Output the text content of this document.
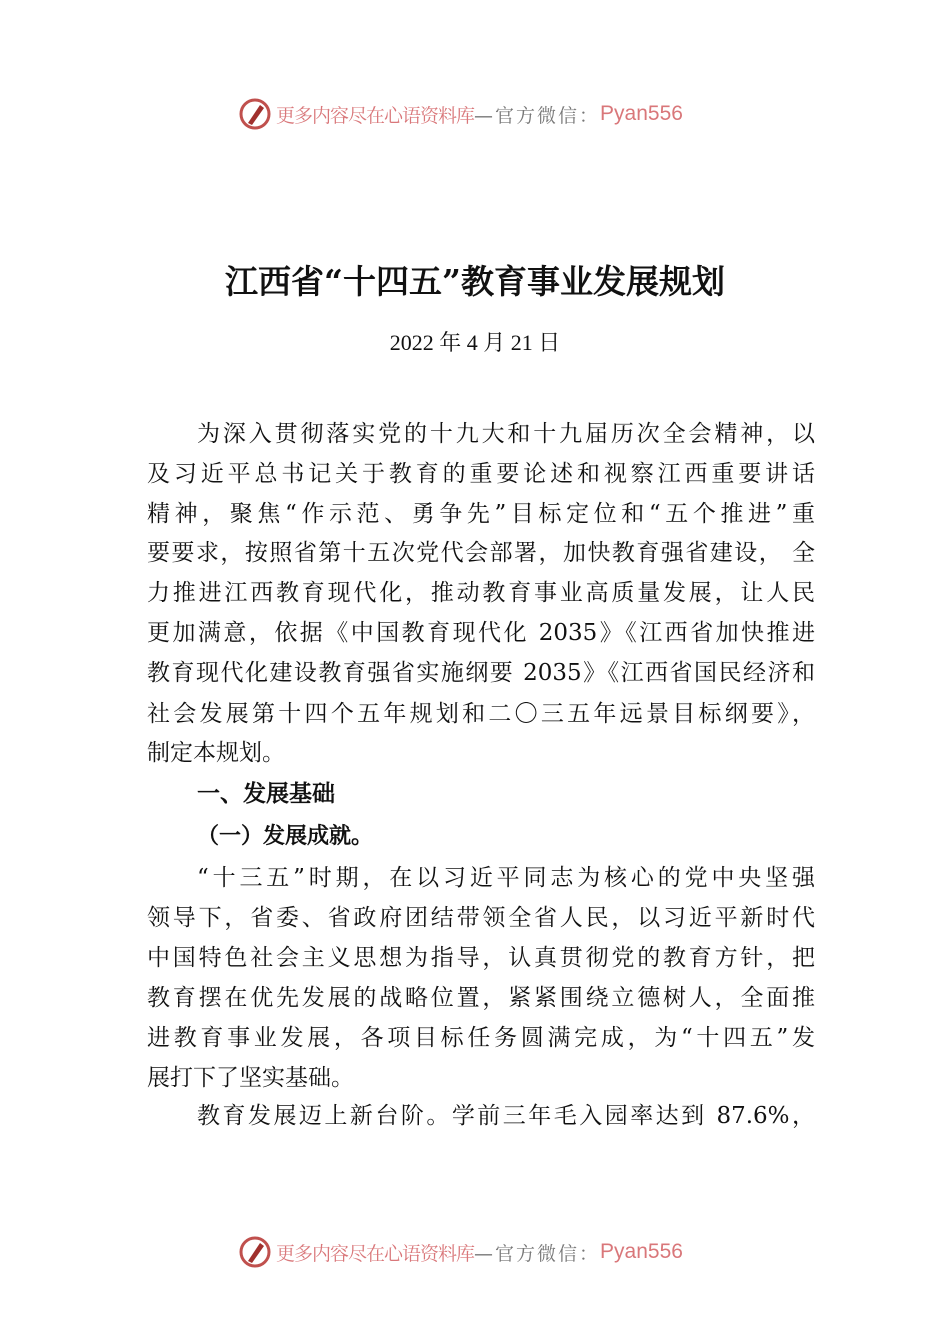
更多内容尽在心语资料库 —官方微信： Pyan556
江西省“十四五”教育事业发展规划
2022 年 4 月 21 日
为深入贯彻落实党的十九大和十九届历次全会精神，以
及习近平总书记关于教育的重要论述和视察江西重要讲话
精神，聚焦“作示范、勇争先”目标定位和“五个推进”重
要要求，按照省第十五次党代会部署，加快教育强省建设， 全
力推进江西教育现代化，推动教育事业高质量发展，让人民
更加满意，依据《中国教育现代化 2035》《江西省加快推进
教育现代化建设教育强省实施纲要 2035》《江西省国民经济和
社会发展第十四个五年规划和二〇三五年远景目标纲要》，
制定本规划。
一、发展基础
（一）发展成就。
“十三五”时期，在以习近平同志为核心的党中央坚强
领导下，省委、省政府团结带领全省人民，以习近平新时代
中国特色社会主义思想为指导，认真贯彻党的教育方针，把
教育摆在优先发展的战略位置，紧紧围绕立德树人，全面推
进教育事业发展，各项目标任务圆满完成，为“十四五”发
展打下了坚实基础。
教育发展迈上新台阶。学前三年毛入园率达到 87.6%，
更多内容尽在心语资料库 —官方微信： Pyan556
